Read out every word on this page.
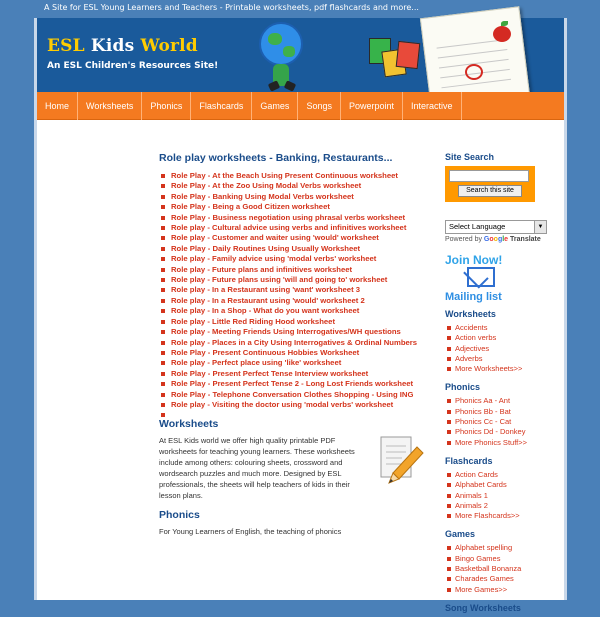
A Site for ESL Young Learners and Teachers - Printable worksheets, pdf flashcards and more...
ESL Kids World
An ESL Children's Resources Site!
Home	Worksheets	Phonics	Flashcards	Games	Songs	Powerpoint	Interactive
Role play worksheets - Banking, Restaurants...
Role Play - At the Beach Using Present Continuous worksheet
Role Play - At the Zoo Using Modal Verbs worksheet
Role Play - Banking Using Modal Verbs worksheet
Role Play - Being a Good Citizen worksheet
Role Play - Business negotiation using phrasal verbs worksheet
Role play - Cultural advice using verbs and infinitives worksheet
Role play - Customer and waiter using 'would' worksheet
Role Play - Daily Routines Using Usually Worksheet
Role play - Family advice using 'modal verbs' worksheet
Role play - Future plans and infinitives worksheet
Role play - Future plans using 'will and going to' worksheet
Role play - In a Restaurant using 'want' worksheet 3
Role play - In a Restaurant using 'would' worksheet 2
Role play - In a Shop - What do you want worksheet
Role play - Little Red Riding Hood worksheet
Role play - Meeting Friends Using Interrogatives/WH questions
Role play - Places in a City Using Interrogatives & Ordinal Numbers
Role Play - Present Continuous Hobbies Worksheet
Role play - Perfect place using 'like' worksheet
Role Play - Present Perfect Tense Interview worksheet
Role Play - Present Perfect Tense 2 - Long Lost Friends worksheet
Role Play - Telephone Conversation Clothes Shopping - Using ING
Role play - Visiting the doctor using 'modal verbs' worksheet
Worksheets
At ESL Kids world we offer high quality printable PDF worksheets for teaching young learners. These worksheets include among others: colouring sheets, crossword and wordsearch puzzles and much more. Designed by ESL professionals, the sheets will help teachers of kids in their lesson plans.
Phonics
For Young Learners of English, the teaching of phonics
Site Search
Search this site
Select Language	▼
Powered by Google Translate
Join Now!
Mailing list
Worksheets
Accidents
Action verbs
Adjectives
Adverbs
More Worksheets>>
Phonics
Phonics Aa - Ant
Phonics Bb - Bat
Phonics Cc - Cat
Phonics Dd - Donkey
More Phonics Stuff>>
Flashcards
Action Cards
Alphabet Cards
Animals 1
Animals 2
More Flashcards>>
Games
Alphabet spelling
Bingo Games
Basketball Bonanza
Charades Games
More Games>>
Song Worksheets
